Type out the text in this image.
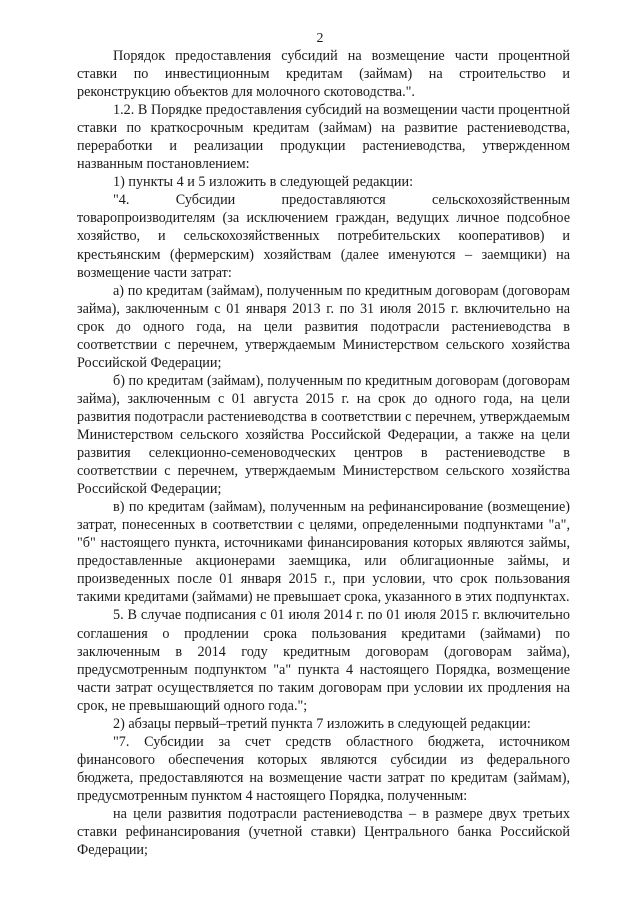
2

Порядок предоставления субсидий на возмещение части процентной ставки по инвестиционным кредитам (займам) на строительство и реконструкцию объектов для молочного скотоводства.".

1.2. В Порядке предоставления субсидий на возмещении части процентной ставки по краткосрочным кредитам (займам) на развитие растениеводства, переработки и реализации продукции растениеводства, утвержденном названным постановлением:

1) пункты 4 и 5 изложить в следующей редакции:

"4. Субсидии предоставляются сельскохозяйственным товаропроизводителям (за исключением граждан, ведущих личное подсобное хозяйство, и сельскохозяйственных потребительских кооперативов) и крестьянским (фермерским) хозяйствам (далее именуются – заемщики) на возмещение части затрат:

а) по кредитам (займам), полученным по кредитным договорам (договорам займа), заключенным с 01 января 2013 г. по 31 июля 2015 г. включительно на срок до одного года, на цели развития подотрасли растениеводства в соответствии с перечнем, утверждаемым Министерством сельского хозяйства Российской Федерации;

б) по кредитам (займам), полученным по кредитным договорам (договорам займа), заключенным с 01 августа 2015 г. на срок до одного года, на цели развития подотрасли растениеводства в соответствии с перечнем, утверждаемым Министерством сельского хозяйства Российской Федерации, а также на цели развития селекционно-семеноводческих центров в растениеводстве в соответствии с перечнем, утверждаемым Министерством сельского хозяйства Российской Федерации;

в) по кредитам (займам), полученным на рефинансирование (возмещение) затрат, понесенных в соответствии с целями, определенными подпунктами "а", "б" настоящего пункта, источниками финансирования которых являются займы, предоставленные акционерами заемщика, или облигационные займы, и произведенных после 01 января 2015 г., при условии, что срок пользования такими кредитами (займами) не превышает срока, указанного в этих подпунктах.

5. В случае подписания с 01 июля 2014 г. по 01 июля 2015 г. включительно соглашения о продлении срока пользования кредитами (займами) по заключенным в 2014 году кредитным договорам (договорам займа), предусмотренным подпунктом "а" пункта 4 настоящего Порядка, возмещение части затрат осуществляется по таким договорам при условии их продления на срок, не превышающий одного года.";

2) абзацы первый–третий пункта 7 изложить в следующей редакции:

"7. Субсидии за счет средств областного бюджета, источником финансового обеспечения которых являются субсидии из федерального бюджета, предоставляются на возмещение части затрат по кредитам (займам), предусмотренным пунктом 4 настоящего Порядка, полученным:

на цели развития подотрасли растениеводства – в размере двух третьих ставки рефинансирования (учетной ставки) Центрального банка Российской Федерации;
